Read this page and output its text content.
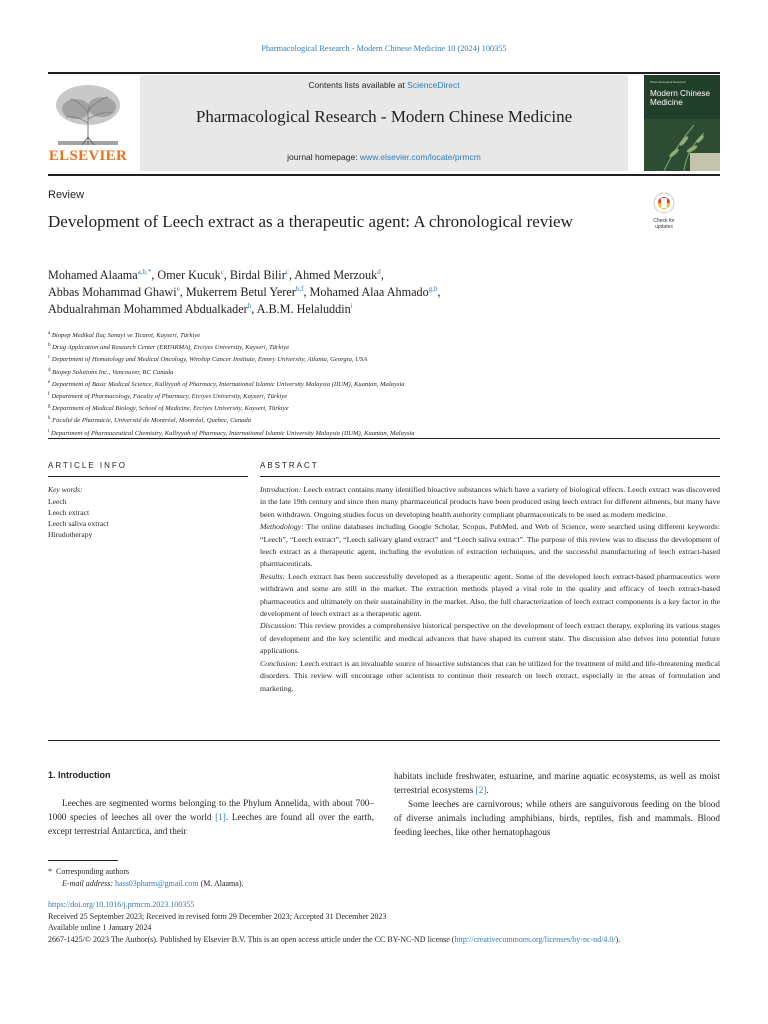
Pharmacological Research - Modern Chinese Medicine 10 (2024) 100355
ELSEVIER
Contents lists available at ScienceDirect
Pharmacological Research - Modern Chinese Medicine
journal homepage: www.elsevier.com/locate/prmcm
Pharmacological Research
Modern Chinese Medicine
Review
Check for updates
Development of Leech extract as a therapeutic agent: A chronological review
Mohamed Alaama$^{a,b,*}$, Omer Kucuk$^c$, Birdal Bilir$^c$, Ahmed Merzouk$^d$,
Abbas Mohammad Ghawi$^e$, Mukerrem Betul Yerer$^{b,f}$, Mohamed Alaa Ahmado$^{g,b}$,
Abdualrahman Mohammed Abdualkader$^h$, A.B.M. Helaluddin$^i$
$^a$ Biopep Medikal Ilaç Sanayi ve Ticaret, Kayseri, Türkiye
$^b$ Drug Application and Research Center (ERFARMA), Erciyes University, Kayseri, Türkiye
$^c$ Department of Hematology and Medical Oncology, Winship Cancer Institute, Emory University, Atlanta, Georgia, USA
$^d$ Biopep Solutions Inc., Vancouver, BC Canada
$^e$ Department of Basic Medical Science, Kulliyyah of Pharmacy, International Islamic University Malaysia (IIUM), Kuantan, Malaysia
$^f$ Department of Pharmacology, Faculty of Pharmacy, Erciyes University, Kayseri, Türkiye
$^g$ Department of Medical Biology, School of Medicine, Erciyes University, Kayseri, Türkiye
$^h$ Faculté de Pharmacie, Université de Montréal, Montréal, Quebec, Canada
$^i$ Department of Pharmaceutical Chemistry, Kulliyyah of Pharmacy, International Islamic University Malaysia (IIUM), Kuantan, Malaysia
ARTICLE INFO
Key words:
Leech
Leech extract
Leech saliva extract
Hirudotherapy
ABSTRACT

Introduction: Leech extract contains many identified bioactive substances which have a variety of biological effects. Leech extract was discovered in the late 19th century and since then many pharmaceutical products have been produced using leech extract for different ailments, but many have been withdrawn. Ongoing studies focus on developing health authority compliant pharmaceuticals to be used as modern medicine.

Methodology: The online databases including Google Scholar, Scopus, PubMed, and Web of Science, were searched using different keywords: “Leech”, “Leech extract”, “Leech salivary gland extract” and “Leech saliva extract”. The purpose of this review was to discuss the development of leech extract as a therapeutic agent, including the evolution of extraction techniques, and the successful manufacturing of leech extract-based pharmaceuticals.

Results: Leech extract has been successfully developed as a therapeutic agent. Some of the developed leech extract-based pharmaceutics were withdrawn and some are still in the market. The extraction methods played a vital role in the quality and efficacy of leech extract-based pharmaceutics and ultimately on their sustainability in the market. Also, the full characterization of leech extract components is a key factor in the development of leech extract as a therapeutic agent.

Discussion: This review provides a comprehensive historical perspective on the development of leech extract therapy, exploring its various stages of development and the key scientific and medical advances that have shaped its current state. The discussion also delves into potential future applications.

Conclusion: Leech extract is an invaluable source of bioactive substances that can be utilized for the treatment of mild and life-threatening medical disorders. This review will encourage other scientists to continue their research on leech extract, especially in the areas of formulation and marketing.

1. Introduction

Leeches are segmented worms belonging to the Phylum Annelida, with about 700–1000 species of leeches all over the world [1]. Leeches are found all over the earth, except terrestrial Antarctica, and their

habitats include freshwater, estuarine, and marine aquatic ecosystems, as well as moist terrestrial ecosystems [2].

Some leeches are carnivorous; while others are sanguivorous feeding on the blood of diverse animals including amphibians, birds, reptiles, fish and mammals. Blood feeding leeches, like other hematophagous

* Corresponding authors
E-mail address: hass03pharm@gmail.com (M. Alaama).
https://doi.org/10.1016/j.prmcm.2023.100355
Received 25 September 2023; Received in revised form 29 December 2023; Accepted 31 December 2023
Available online 1 January 2024
2667-1425/© 2023 The Author(s). Published by Elsevier B.V. This is an open access article under the CC BY-NC-ND license (http://creativecommons.org/licenses/by-nc-nd/4.0/).
